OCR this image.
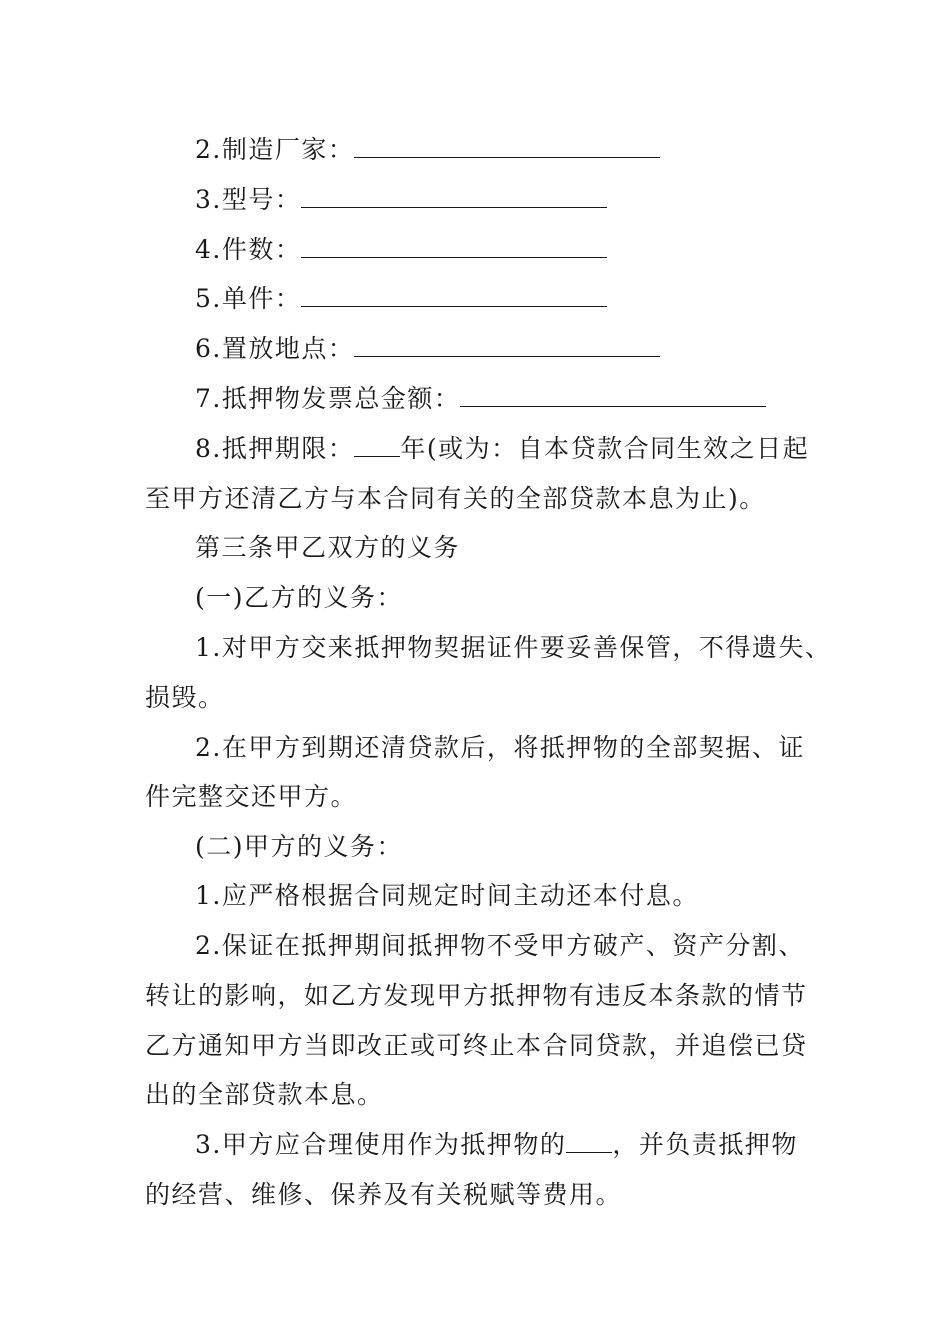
2.制造厂家：
3.型号：
4.件数：
5.单件：
6.置放地点：
7.抵押物发票总金额：
8.抵押期限： 年(或为：自本贷款合同生效之日起
至甲方还清乙方与本合同有关的全部贷款本息为止)。
第三条甲乙双方的义务
(一)乙方的义务：
1.对甲方交来抵押物契据证件要妥善保管，不得遗失、
损毁。
2.在甲方到期还清贷款后，将抵押物的全部契据、证
件完整交还甲方。
(二)甲方的义务：
1.应严格根据合同规定时间主动还本付息。
2.保证在抵押期间抵押物不受甲方破产、资产分割、
转让的影响，如乙方发现甲方抵押物有违反本条款的情节
乙方通知甲方当即改正或可终止本合同贷款，并追偿已贷
出的全部贷款本息。
3.甲方应合理使用作为抵押物的 ，并负责抵押物
的经营、维修、保养及有关税赋等费用。
